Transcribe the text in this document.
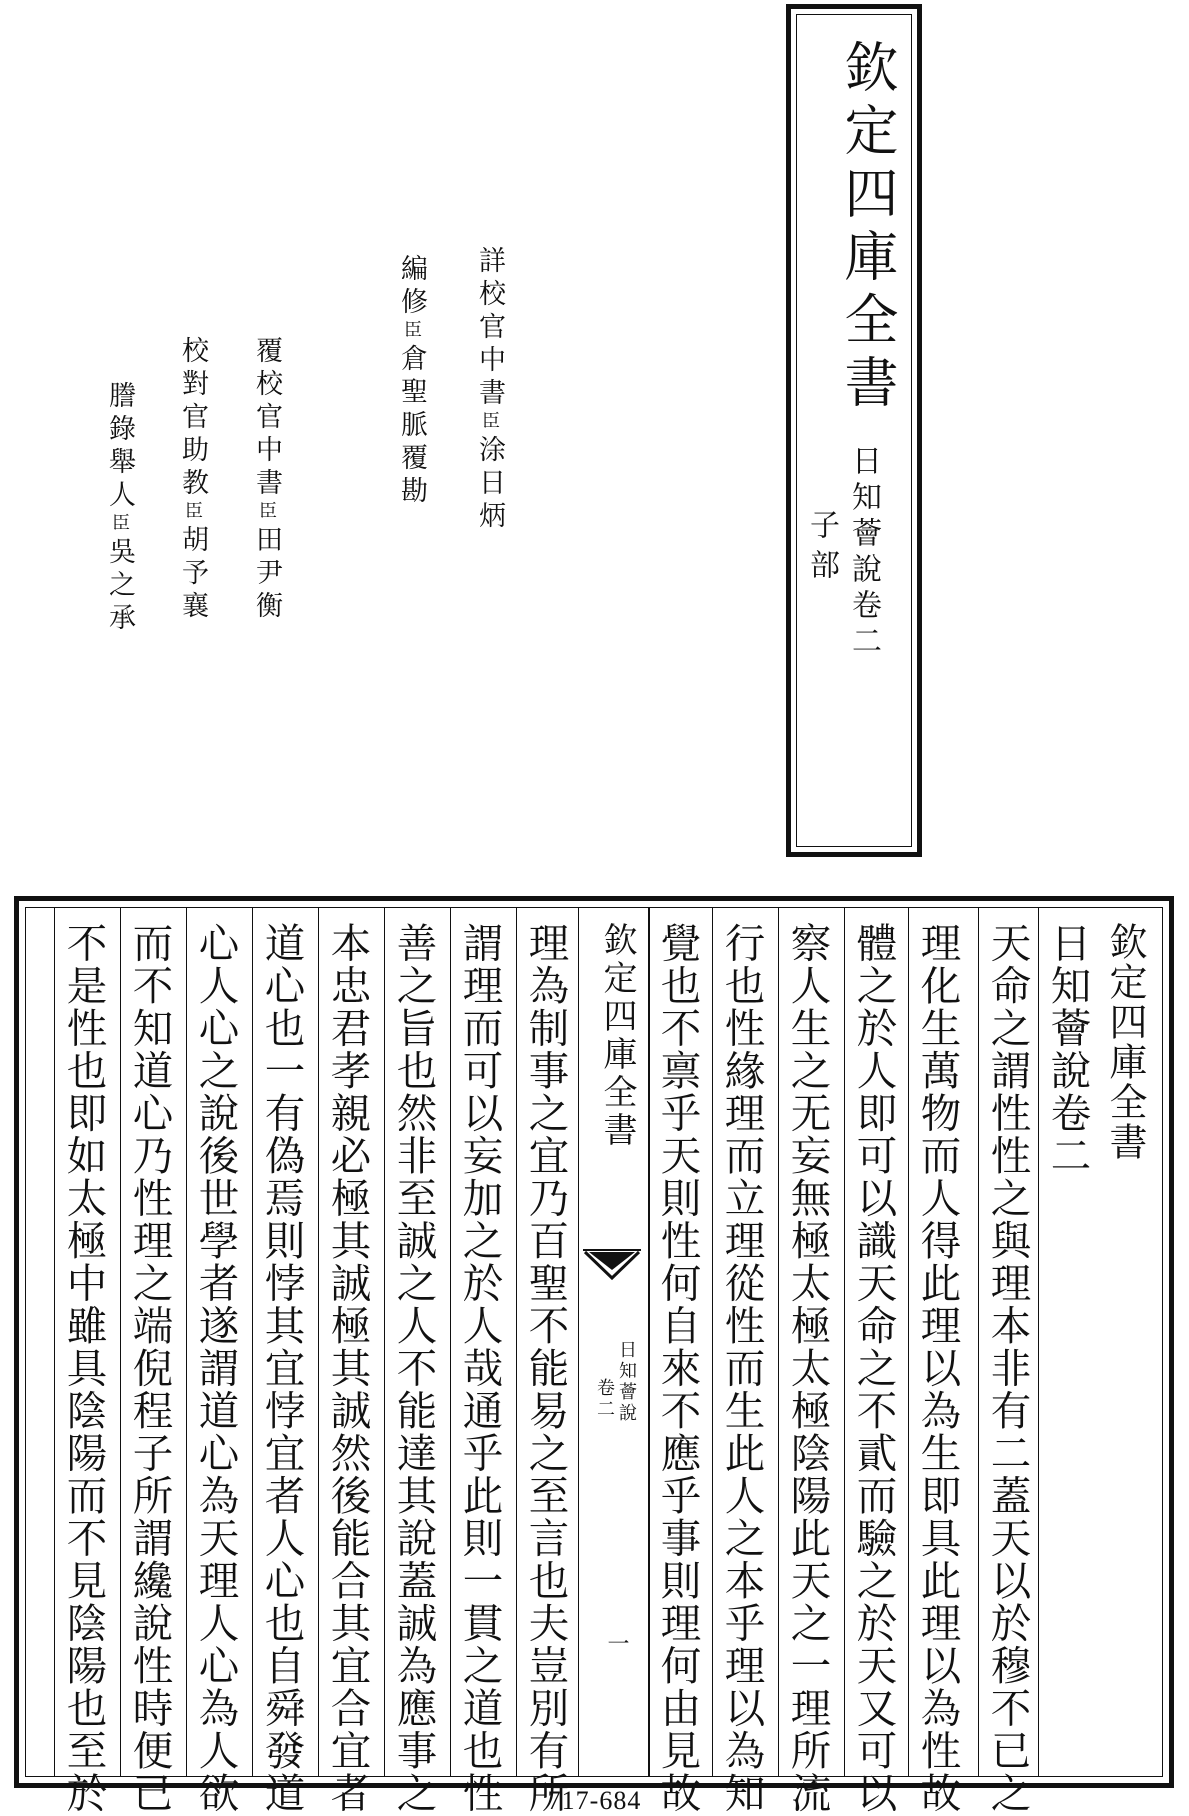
欽定四庫全書
日知薈說卷二
子部
詳校官中書臣涂日炳
編修臣倉聖脈覆勘
覆校官中書臣田尹衡
校對官助教臣胡予襄
謄錄舉人臣吳之承
欽定四庫全書
日知薈說卷二
天命之謂性性之與理本非有二蓋天以於穆不已之
理化生萬物而人得此理以為生即具此理以為性故
體之於人即可以識天命之不貳而驗之於天又可以
察人生之无妄無極太極太極陰陽此天之一理所流
行也性緣理而立理從性而生此人之本乎理以為知
覺也不禀乎天則性何自來不應乎事則理何由見故
欽定四庫全書
日知薈說
卷二
一
理為制事之宜乃百聖不能易之至言也夫豈別有所
謂理而可以妄加之於人哉通乎此則一貫之道也性
善之旨也然非至誠之人不能達其說蓋誠為應事之
本忠君孝親必極其誠極其誠然後能合其宜合宜者
道心也一有偽焉則悖其宜悖宜者人心也自舜發道
心人心之說後世學者遂謂道心為天理人心為人欲
而不知道心乃性理之端倪程子所謂纔說性時便已
不是性也即如太極中雖具陰陽而不見陰陽也至於	717-684
